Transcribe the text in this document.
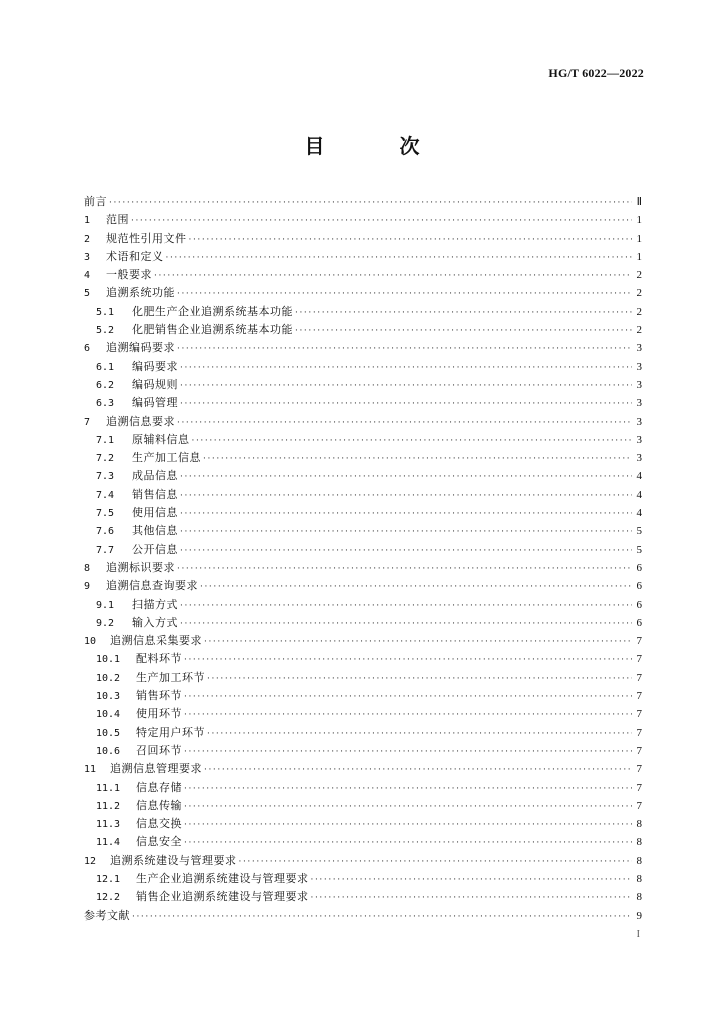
HG/T 6022—2022
目 次
前言 ·····	Ⅱ
1	范围 ·····	1
2	规范性引用文件 ·····	1
3	术语和定义 ·····	1
4	一般要求 ·····	2
5	追溯系统功能 ·····	2
5.1	化肥生产企业追溯系统基本功能 ·····	2
5.2	化肥销售企业追溯系统基本功能 ·····	2
6	追溯编码要求 ·····	3
6.1	编码要求 ·····	3
6.2	编码规则 ·····	3
6.3	编码管理 ·····	3
7	追溯信息要求 ·····	3
7.1	原辅料信息 ·····	3
7.2	生产加工信息 ·····	3
7.3	成品信息 ·····	4
7.4	销售信息 ·····	4
7.5	使用信息 ·····	4
7.6	其他信息 ·····	5
7.7	公开信息 ·····	5
8	追溯标识要求 ·····	6
9	追溯信息查询要求 ·····	6
9.1	扫描方式 ·····	6
9.2	输入方式 ·····	6
10	追溯信息采集要求 ·····	7
10.1	配料环节 ·····	7
10.2	生产加工环节 ·····	7
10.3	销售环节 ·····	7
10.4	使用环节 ·····	7
10.5	特定用户环节 ·····	7
10.6	召回环节 ·····	7
11	追溯信息管理要求 ·····	7
11.1	信息存储 ·····	7
11.2	信息传输 ·····	7
11.3	信息交换 ·····	8
11.4	信息安全 ·····	8
12	追溯系统建设与管理要求 ·····	8
12.1	生产企业追溯系统建设与管理要求 ·····	8
12.2	销售企业追溯系统建设与管理要求 ·····	8
参考文献 ·····	9
I
